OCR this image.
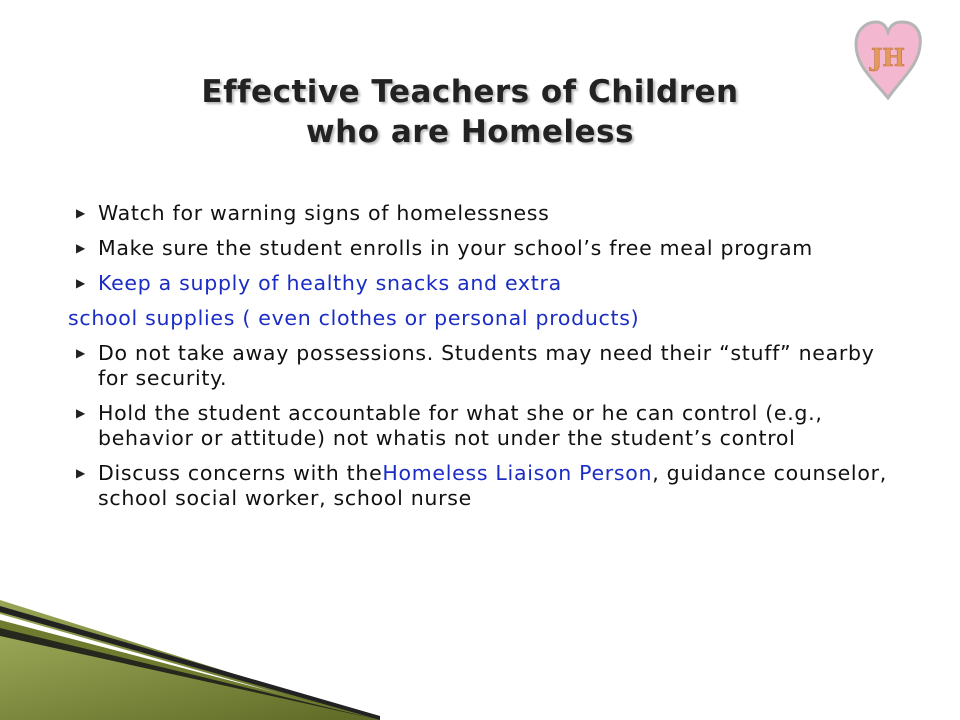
JH
Effective Teachers of Children
who are Homeless

▶ Watch for warning signs of homelessness

▶ Make sure the student enrolls in your school’s free meal program

▶ Keep a supply of healthy snacks and extra

school supplies ( even clothes or personal products)

▶ Do not take away possessions. Students may need their “stuff” nearby for security.

▶ Hold the student accountable for what she or he can control (e.g., behavior or attitude) not whatis not under the student’s control

▶ Discuss concerns with theHomeless Liaison Person, guidance counselor, school social worker, school nurse
